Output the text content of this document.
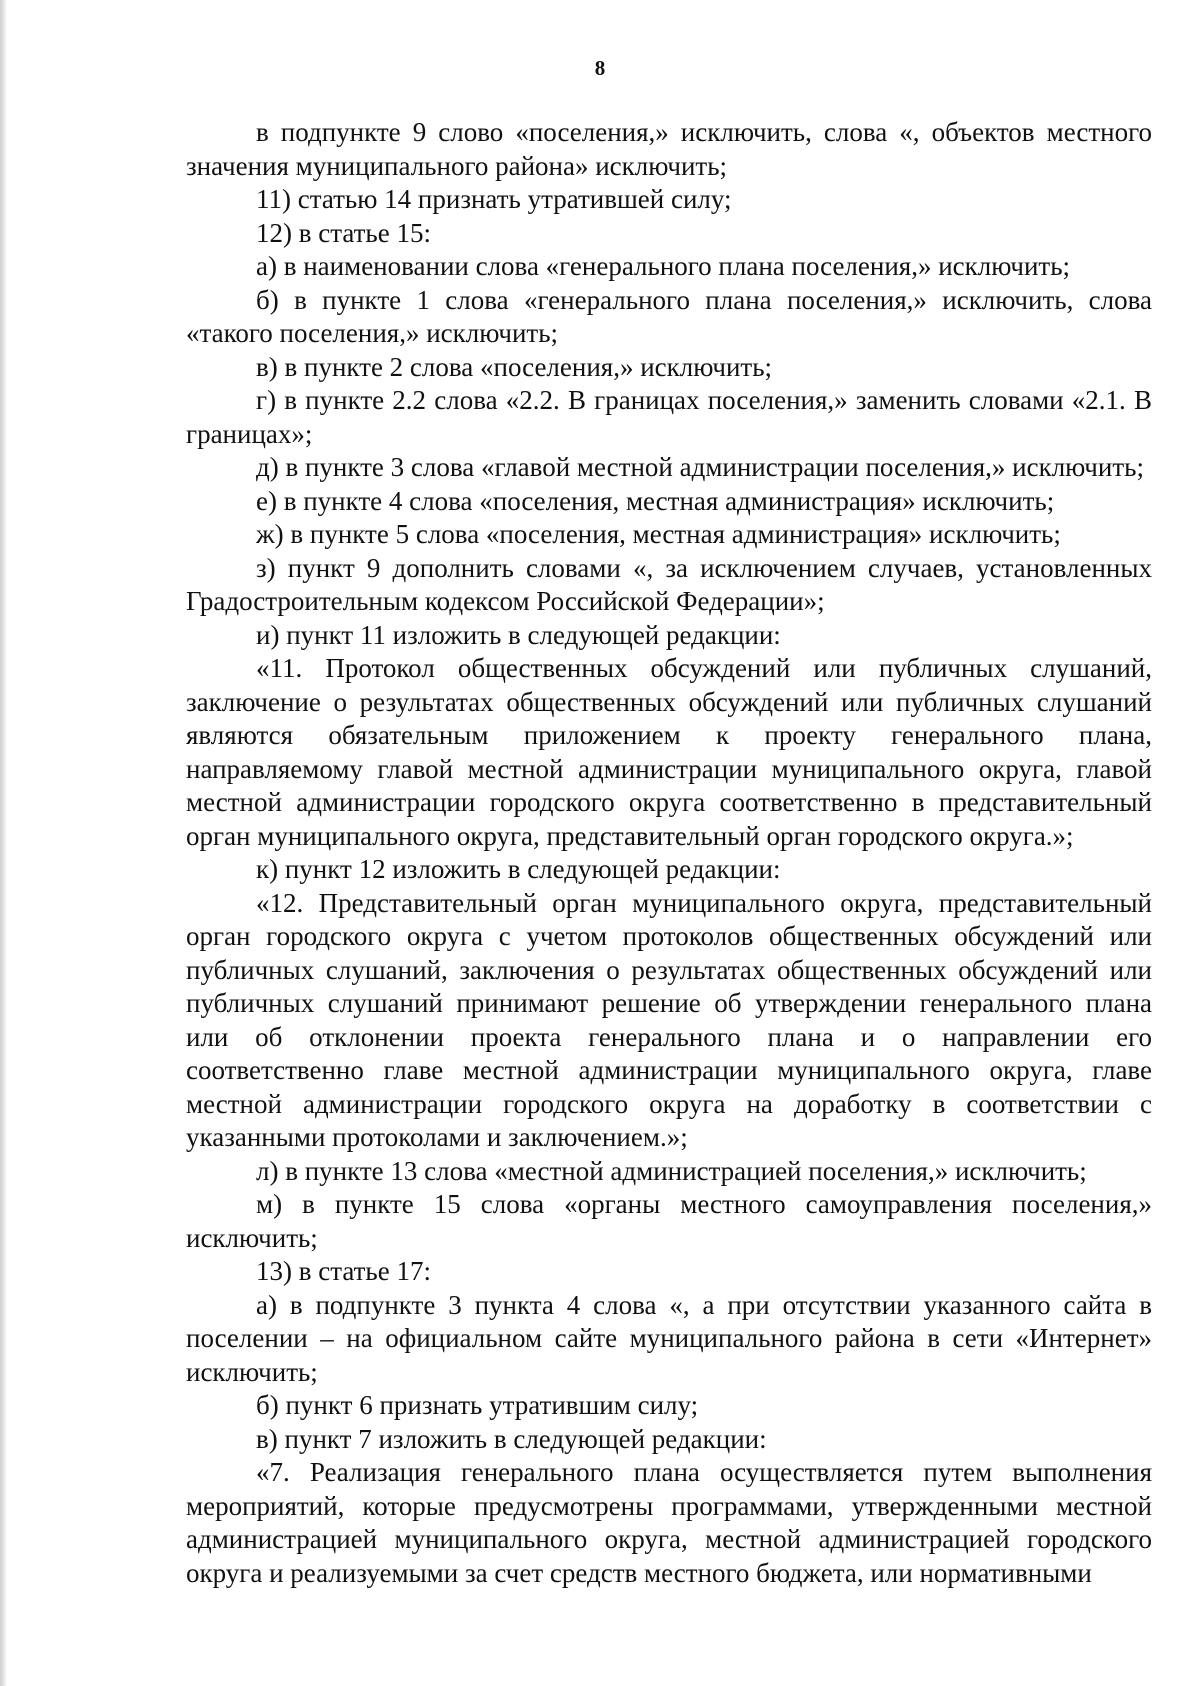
8

в подпункте 9 слово «поселения,» исключить, слова «, объектов местного значения муниципального района» исключить;

11) статью 14 признать утратившей силу;

12) в статье 15:

а) в наименовании слова «генерального плана поселения,» исключить;

б) в пункте 1 слова «генерального плана поселения,» исключить, слова «такого поселения,» исключить;

в) в пункте 2 слова «поселения,» исключить;

г) в пункте 2.2 слова «2.2. В границах поселения,» заменить словами «2.1. В границах»;

д) в пункте 3 слова «главой местной администрации поселения,» исключить;

е) в пункте 4 слова «поселения, местная администрация» исключить;

ж) в пункте 5 слова «поселения, местная администрация» исключить;

з) пункт 9 дополнить словами «, за исключением случаев, установленных Градостроительным кодексом Российской Федерации»;

и) пункт 11 изложить в следующей редакции:

«11. Протокол общественных обсуждений или публичных слушаний, заключение о результатах общественных обсуждений или публичных слушаний являются обязательным приложением к проекту генерального плана, направляемому главой местной администрации муниципального округа, главой местной администрации городского округа соответственно в представительный орган муниципального округа, представительный орган городского округа.»;

к) пункт 12 изложить в следующей редакции:

«12. Представительный орган муниципального округа, представительный орган городского округа с учетом протоколов общественных обсуждений или публичных слушаний, заключения о результатах общественных обсуждений или публичных слушаний принимают решение об утверждении генерального плана или об отклонении проекта генерального плана и о направлении его соответственно главе местной администрации муниципального округа, главе местной администрации городского округа на доработку в соответствии с указанными протоколами и заключением.»;

л) в пункте 13 слова «местной администрацией поселения,» исключить;

м) в пункте 15 слова «органы местного самоуправления поселения,» исключить;

13) в статье 17:

а) в подпункте 3 пункта 4 слова «, а при отсутствии указанного сайта в поселении – на официальном сайте муниципального района в сети «Интернет» исключить;

б) пункт 6 признать утратившим силу;

в) пункт 7 изложить в следующей редакции:

«7. Реализация генерального плана осуществляется путем выполнения мероприятий, которые предусмотрены программами, утвержденными местной администрацией муниципального округа, местной администрацией городского округа и реализуемыми за счет средств местного бюджета, или нормативными
